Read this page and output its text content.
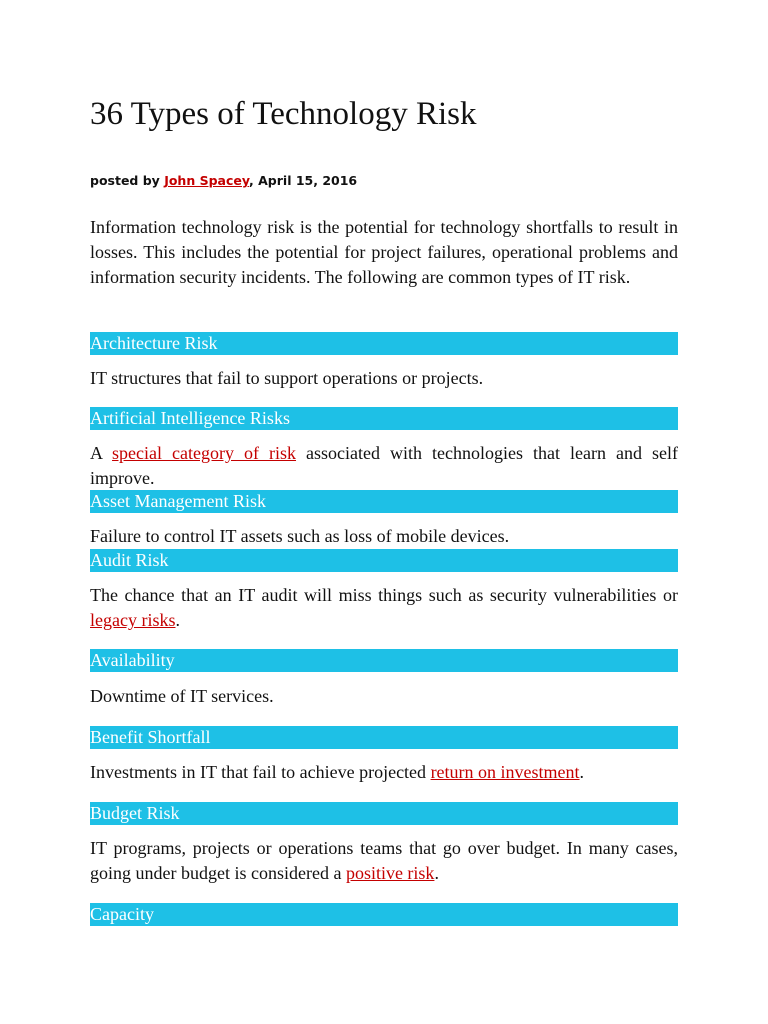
36 Types of Technology Risk
posted by John Spacey, April 15, 2016

Information technology risk is the potential for technology shortfalls to result in losses. This includes the potential for project failures, operational problems and information security incidents. The following are common types of IT risk.

Architecture Risk

IT structures that fail to support operations or projects.

Artificial Intelligence Risks

A special category of risk associated with technologies that learn and self improve.

Asset Management Risk

Failure to control IT assets such as loss of mobile devices.

Audit Risk

The chance that an IT audit will miss things such as security vulnerabilities or legacy risks.

Availability

Downtime of IT services.

Benefit Shortfall

Investments in IT that fail to achieve projected return on investment.

Budget Risk

IT programs, projects or operations teams that go over budget. In many cases, going under budget is considered a positive risk.

Capacity
